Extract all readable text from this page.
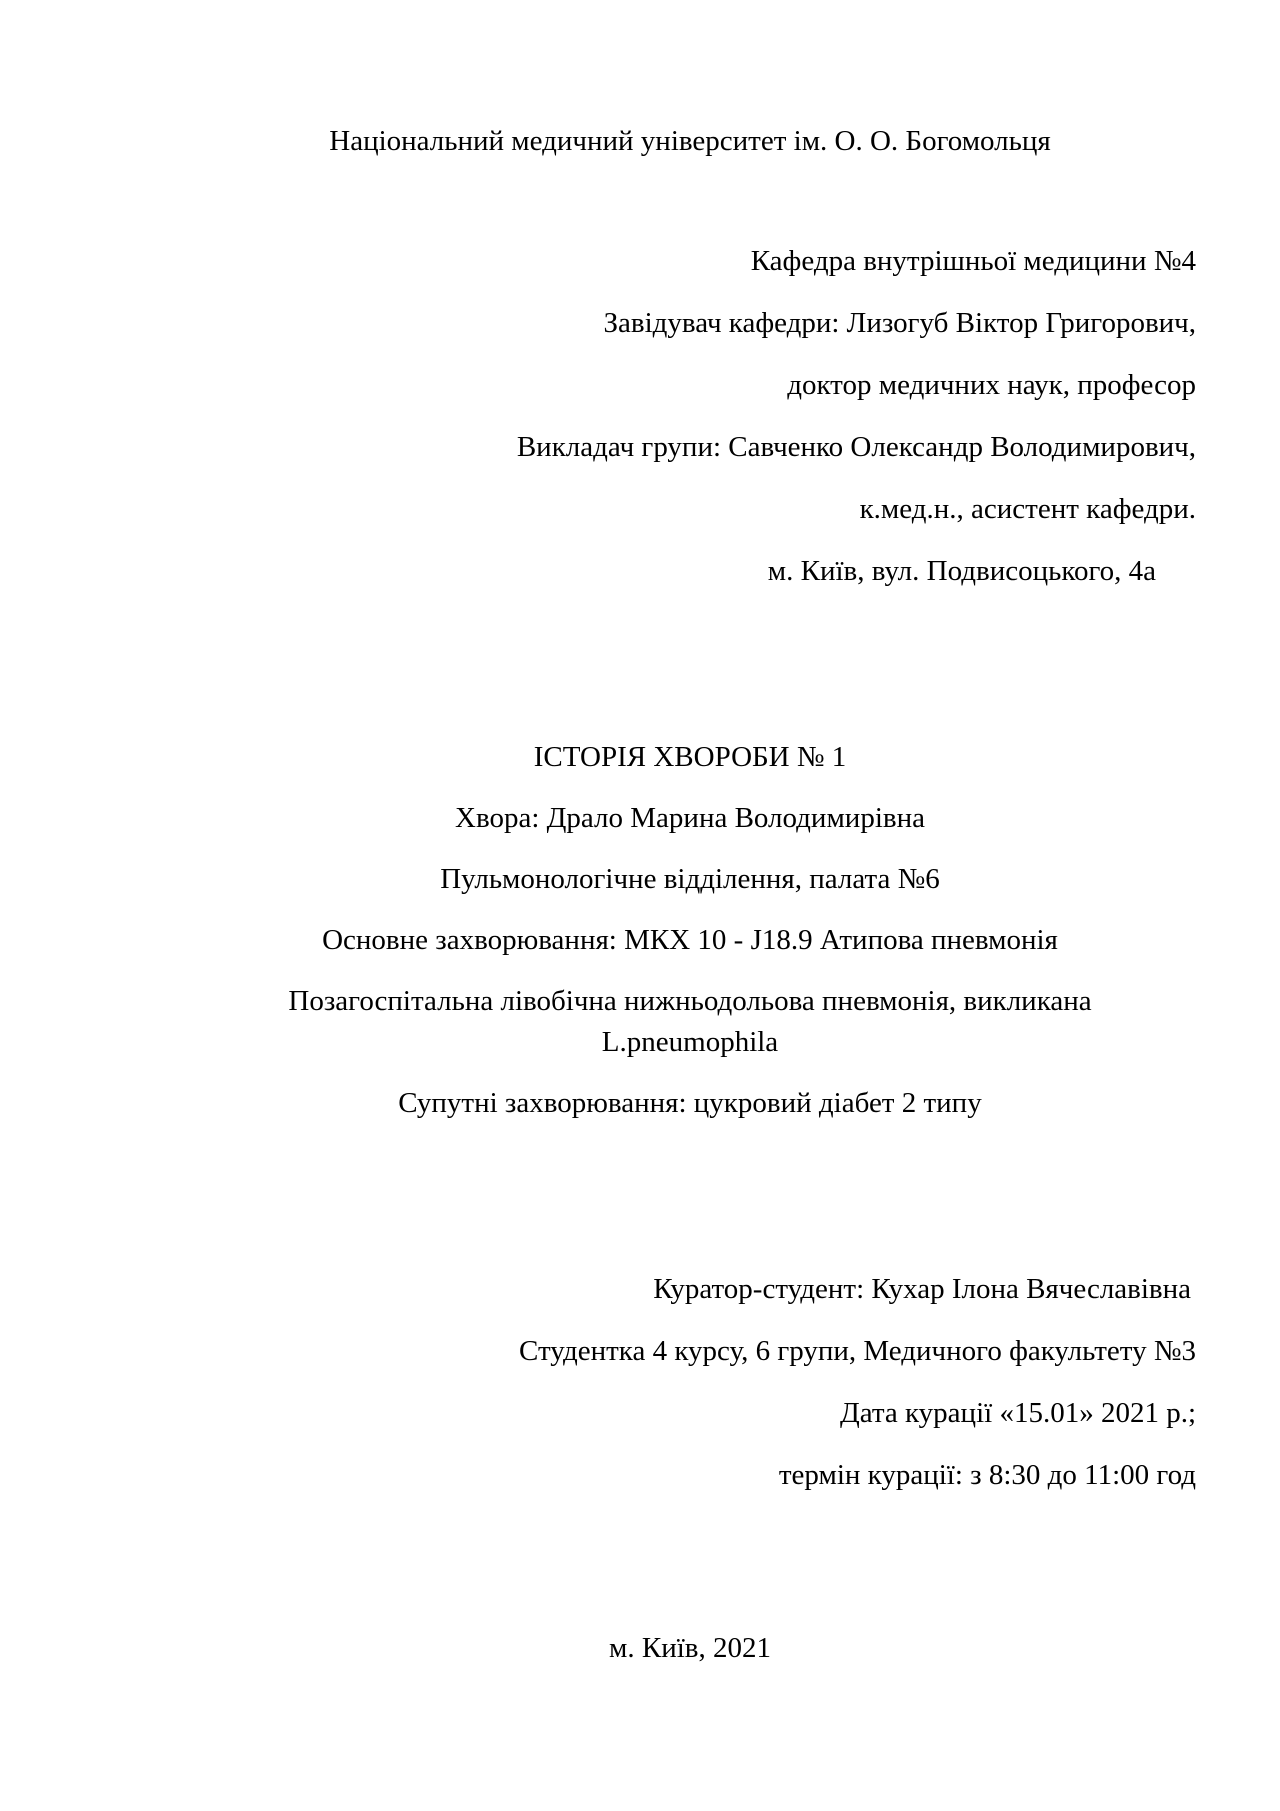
Національний медичний університет ім. О. О. Богомольця

Кафедра внутрішньої медицини №4

Завідувач кафедри: Лизогуб Віктор Григорович,

доктор медичних наук, професор

Викладач групи: Савченко Олександр Володимирович,

к.мед.н., асистент кафедри.

м. Київ, вул. Подвисоцького, 4а

ІСТОРІЯ ХВОРОБИ № 1

Хвора: Драло Марина Володимирівна

Пульмонологічне відділення, палата №6

Основне захворювання: МКХ 10 - J18.9 Атипова пневмонія

Позагоспітальна лівобічна нижньодольова пневмонія, викликана

L.pneumophila

Супутні захворювання: цукровий діабет 2 типу

Куратор-студент: Кухар Ілона Вячеславівна

Студентка 4 курсу, 6 групи, Медичного факультету №3

Дата курації «15.01» 2021 р.;

термін курації: з 8:30 до 11:00 год

м. Київ, 2021
